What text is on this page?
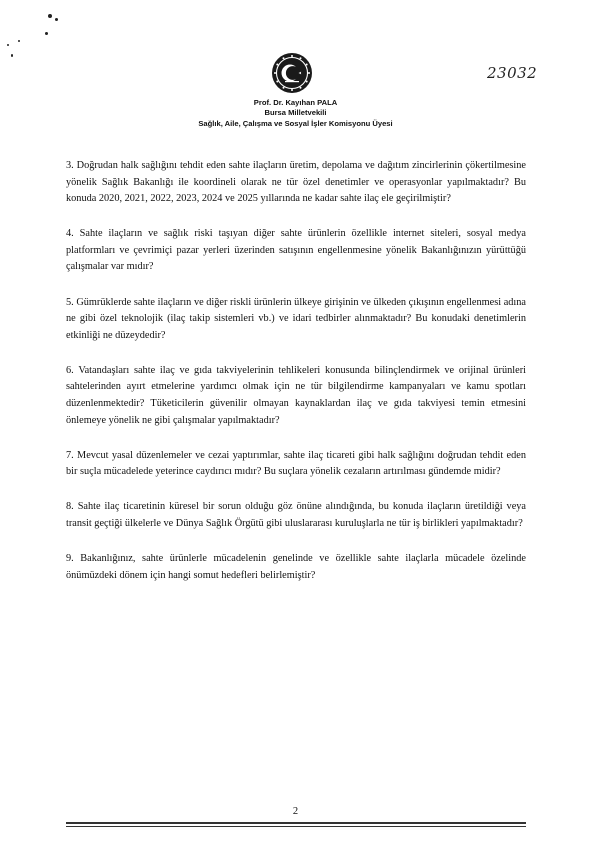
23032
Prof. Dr. Kayıhan PALA
Bursa Milletvekili
Sağlık, Aile, Çalışma ve Sosyal İşler Komisyonu Üyesi

3. Doğrudan halk sağlığını tehdit eden sahte ilaçların üretim, depolama ve dağıtım zincirlerinin çökertilmesine yönelik Sağlık Bakanlığı ile koordineli olarak ne tür özel denetimler ve operasyonlar yapılmaktadır? Bu konuda 2020, 2021, 2022, 2023, 2024 ve 2025 yıllarında ne kadar sahte ilaç ele geçirilmiştir?

4. Sahte ilaçların ve sağlık riski taşıyan diğer sahte ürünlerin özellikle internet siteleri, sosyal medya platformları ve çevrimiçi pazar yerleri üzerinden satışının engellenmesine yönelik Bakanlığınızın yürüttüğü çalışmalar var mıdır?

5. Gümrüklerde sahte ilaçların ve diğer riskli ürünlerin ülkeye girişinin ve ülkeden çıkışının engellenmesi adına ne gibi özel teknolojik (ilaç takip sistemleri vb.) ve idari tedbirler alınmaktadır? Bu konudaki denetimlerin etkinliği ne düzeydedir?

6. Vatandaşları sahte ilaç ve gıda takviyelerinin tehlikeleri konusunda bilinçlendirmek ve orijinal ürünleri sahtelerinden ayırt etmelerine yardımcı olmak için ne tür bilgilendirme kampanyaları ve kamu spotları düzenlenmektedir? Tüketicilerin güvenilir olmayan kaynaklardan ilaç ve gıda takviyesi temin etmesini önlemeye yönelik ne gibi çalışmalar yapılmaktadır?

7. Mevcut yasal düzenlemeler ve cezai yaptırımlar, sahte ilaç ticareti gibi halk sağlığını doğrudan tehdit eden bir suçla mücadelede yeterince caydırıcı mıdır? Bu suçlara yönelik cezaların artırılması gündemde midir?

8. Sahte ilaç ticaretinin küresel bir sorun olduğu göz önüne alındığında, bu konuda ilaçların üretildiği veya transit geçtiği ülkelerle ve Dünya Sağlık Örgütü gibi uluslararası kuruluşlarla ne tür iş birlikleri yapılmaktadır?

9. Bakanlığınız, sahte ürünlerle mücadelenin genelinde ve özellikle sahte ilaçlarla mücadele özelinde önümüzdeki dönem için hangi somut hedefleri belirlemiştir?

2
